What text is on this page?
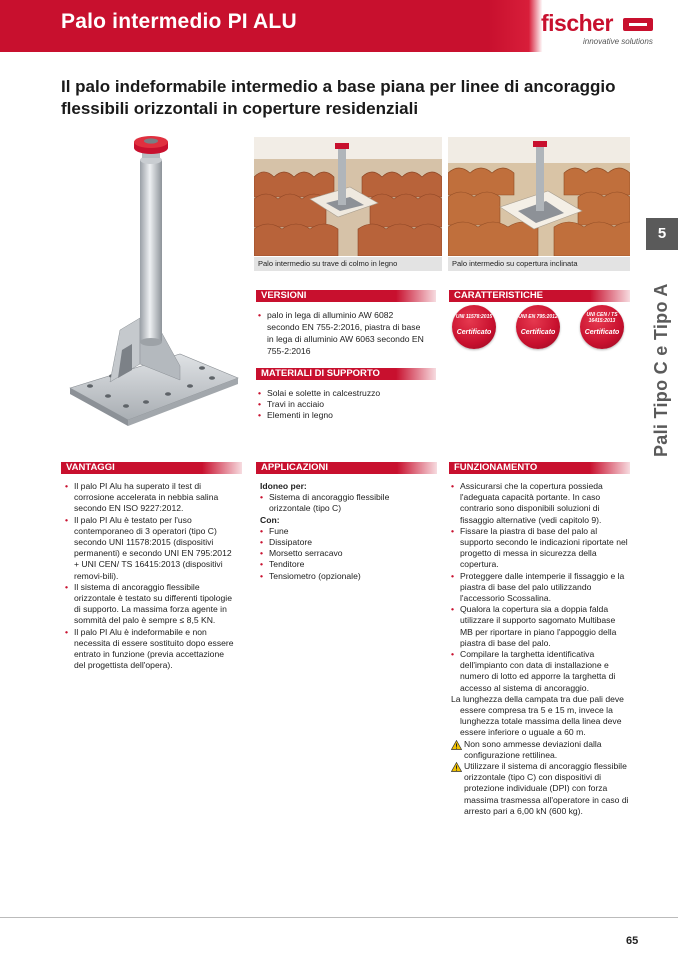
Palo intermedio PI ALU	fischer
innovative solutions
Il palo indeformabile intermedio a base piana per linee di ancoraggio flessibili orizzontali in coperture residenziali
5
Pali Tipo C e Tipo A
Palo intermedio su trave di colmo in legno	Palo intermedio su copertura inclinata
VERSIONI
• palo in lega di alluminio AW 6082 secondo EN 755-2:2016, piastra di base in lega di alluminio AW 6063 secondo EN 755-2:2016
CARATTERISTICHE
UNI 11578:2015
Certificato
UNI EN 795:2012
Certificato
UNI CEN / TS 16415:2013
Certificato
MATERIALI DI SUPPORTO
• Solai e solette in calcestruzzo
• Travi in acciaio
• Elementi in legno
VANTAGGI
• Il palo PI Alu ha superato il test di corrosione accelerata in nebbia salina secondo EN ISO 9227:2012.
• Il palo PI Alu è testato per l'uso contemporaneo di 3 operatori (tipo C) secondo UNI 11578:2015 (dispositivi permanenti) e secondo UNI EN 795:2012 + UNI CEN/ TS 16415:2013 (dispositivi removi-bili).
• Il sistema di ancoraggio flessibile orizzontale è testato su differenti tipologie di supporto. La massima forza agente in sommità del palo è sempre ≤ 8,5 KN.
• Il palo PI Alu è indeformabile e non necessita di essere sostituito dopo essere entrato in funzione (previa accettazione del progettista dell'opera).
APPLICAZIONI
Idoneo per:
• Sistema di ancoraggio flessibile orizzontale (tipo C)
Con:
• Fune
• Dissipatore
• Morsetto serracavo
• Tenditore
• Tensiometro (opzionale)
FUNZIONAMENTO
• Assicurarsi che la copertura possieda l'adeguata capacità portante. In caso contrario sono disponibili soluzioni di fissaggio alternative (vedi capitolo 9).
• Fissare la piastra di base del palo al supporto secondo le indicazioni riportate nel progetto di messa in sicurezza della copertura.
• Proteggere dalle intemperie il fissaggio e la piastra di base del palo utilizzando l'accessorio Scossalina.
• Qualora la copertura sia a doppia falda utilizzare il supporto sagomato Multibase MB per riportare in piano l'appoggio della piastra di base del palo.
• Compilare la targhetta identificativa dell'impianto con data di installazione e numero di lotto ed apporre la targhetta di accesso al sistema di ancoraggio.
La lunghezza della campata tra due pali deve essere compresa tra 5 e 15 m, invece la lunghezza totale massima della linea deve essere inferiore o uguale a 60 m.
Non sono ammesse deviazioni dalla configurazione rettilinea.
Utilizzare il sistema di ancoraggio flessibile orizzontale (tipo C) con dispositivi di protezione individuale (DPI) con forza massima trasmessa all'operatore in caso di arresto pari a 6,00 kN (600 kg).
65
